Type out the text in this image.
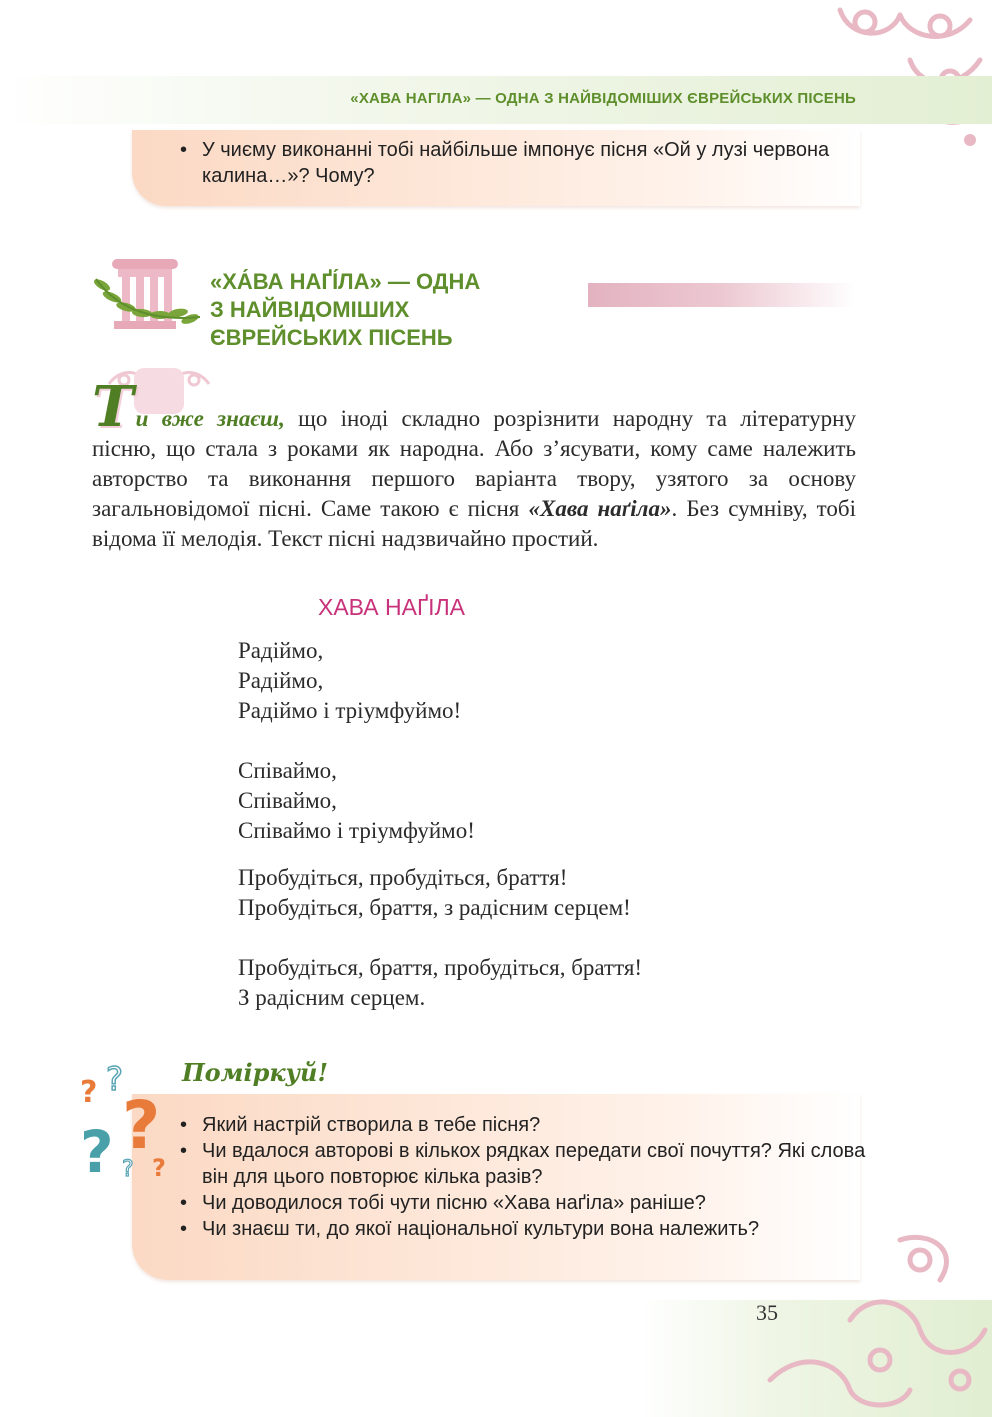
«ХАВА НАГІЛА» — ОДНА З НАЙВІДОМІШИХ ЄВРЕЙСЬКИХ ПІСЕНЬ
• У чиєму виконанні тобі найбільше імпонує пісня «Ой у лузі червона калина…»? Чому?
«ХА́ВА НАҐІ́ЛА» — ОДНА
З НАЙВІДОМІШИХ
ЄВРЕЙСЬКИХ ПІСЕНЬ
Ти вже знаєш, що іноді складно розрізнити народну та літературну пісню, що стала з роками як народна. Або з’ясувати, кому саме належить авторство та виконання першого варіанта твору, узятого за основу загальновідомої пісні. Саме такою є пісня «Хава наґіла». Без сумніву, тобі відома її мелодія. Текст пісні надзвичайно простий.
ХАВА НАҐІЛА
Радіймо,
Радіймо,
Радіймо і тріумфуймо!
Співаймо,
Співаймо,
Співаймо і тріумфуймо!
Пробудіться, пробудіться, браття!
Пробудіться, браття, з радісним серцем!
Пробудіться, браття, пробудіться, браття!
З радісним серцем.
Поміркуй!
? ?
?
? ? ?
• Який настрій створила в тебе пісня?
• Чи вдалося авторові в кількох рядках передати свої почуття? Які слова він для цього повторює кілька разів?
• Чи доводилося тобі чути пісню «Хава наґіла» раніше?
• Чи знаєш ти, до якої національної культури вона належить?
35
